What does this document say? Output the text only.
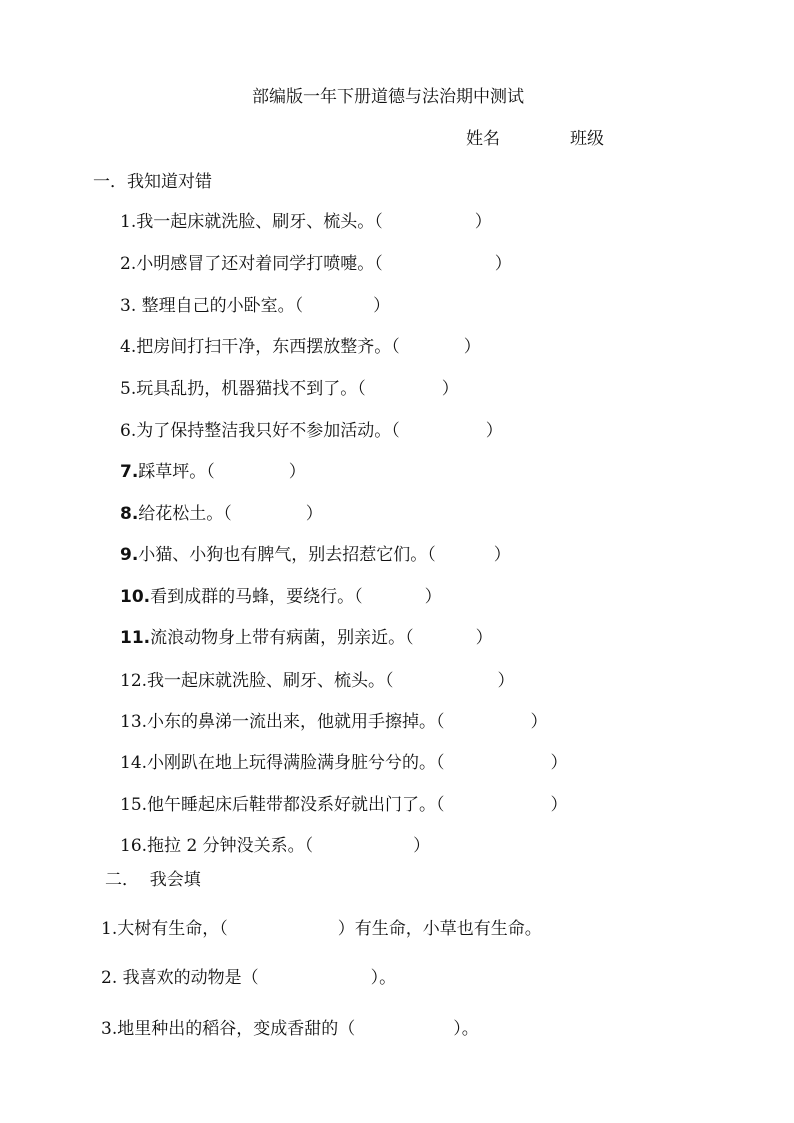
部编版一年下册道德与法治期中测试
姓名	班级
一．我知道对错
1.我一起床就洗脸、刷牙、梳头。（	）
2.小明感冒了还对着同学打喷嚏。（	）
3. 整理自己的小卧室。（	）
4.把房间打扫干净，东西摆放整齐。（	）
5.玩具乱扔，机器猫找不到了。（	）
6.为了保持整洁我只好不参加活动。（	）
7.踩草坪。（	）
8.给花松土。（	）
9.小猫、小狗也有脾气，别去招惹它们。（	）
10.看到成群的马蜂，要绕行。（	）
11.流浪动物身上带有病菌，别亲近。（	）
12.我一起床就洗脸、刷牙、梳头。（	）
13.小东的鼻涕一流出来，他就用手擦掉。（	）
14.小刚趴在地上玩得满脸满身脏兮兮的。（	）
15.他午睡起床后鞋带都没系好就出门了。（	）
16.拖拉 2 分钟没关系。（	）
二．  我会填
1.大树有生命，（	）有生命，小草也有生命。
2. 我喜欢的动物是（	）。
3.地里种出的稻谷，变成香甜的（	）。
